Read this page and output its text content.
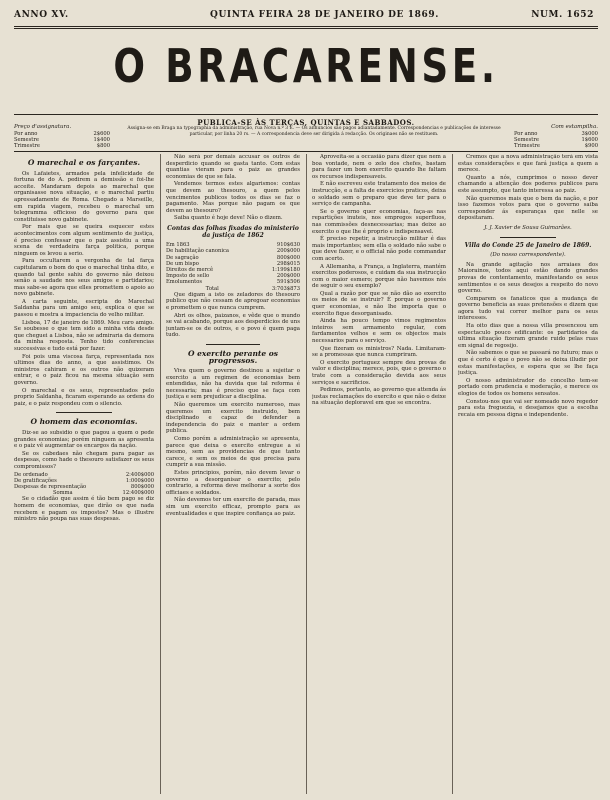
ANNO XV.	QUINTA FEIRA 28 DE JANEIRO DE 1869.	NUM. 1652
O BRACARENSE.
PUBLICA-SE ÀS TERÇAS, QUINTAS E SABBADOS.
Preço d'assignatura.
Por anno	2$600
Semestre	1$400
Trimestre	$800
Assigna-se em Braga na typographia da administração, rua Nova n.º 3 E. — Os annuncios são pagos adiantadamente. Correspondencias e publicações de interesse particular, por linha 20 rs. — A correspondencia deve ser dirigida á redacção. Os originaes não se restituem.
Com estampilha.
Por anno	3$000
Semestre	1$600
Trimestre	$900
O marechal e os farçantes.

Os Lafaietes, armados pela infelicidade de fortuna de do A. pedirem a demissão e foi-lhe acceite. Mandaram depois ao marechal que organisasse nova situação, e o marechal partiu apressadamente de Roma. Chegado a Marseille, em rapida viagem, recebeu o marechal um telegramma officioso do governo para que constituisse novo gabinete.

Por mais que se queira esquecer estes acontecimentos com algum sentimento de justiça, é preciso confessar que o paiz assistiu a uma scena de verdadeira farça politica, porque ninguem os levou a serio.

Para occultarem a vergonha de tal farça capitularam o bom do que o marechal tinha dito, e quando tal gente sahiu do governo não deixou senão a saudade nos seus amigos e partidarios; mas sabe-se agora que elles promettem o apoio ao novo gabinete.

A carta seguinte, escripta do Marechal Saldanha para um amigo seu, explica o que se passou e mostra a impaciencia do velho militar.

Lisboa, 17 de janeiro de 1869. Meu caro amigo. Se soubesse o que tem sido a minha vida desde que cheguei a Lisboa, não se admiraria da demora da minha resposta. Tenho tido conferencias successivas e tudo está por fazer.

Foi pois uma viscosa farça, representada nos ultimos dias do anno, a que assistimos. Os ministros cahiram e os outros não quizeram entrar, e o paiz ficou na mesma situação sem governo.

O marechal e os seus, representados pelo proprio Saldanha, ficaram esperando as ordens do paiz, e o paiz respondeu com o silencio.

O homem das economias.

Diz-se ao subsidio o que pagou a quem o pede grandes economias; porém ninguem as apresenta e o paiz vê augmentar os encargos da nação.

Se os cabedaes não chegam para pagar as despesas, como hade o thesouro satisfazer os seus compromissos?

De ordenado	2:400$000
De gratificações	1:000$000
Despesas de representação	800$000
Somma	12:400$000

Se o cidadão que assim é tão bem pago se diz homem de economias, que dirão os que nada recebem e pagam os impostos? Mas o illustre ministro não poupa nas suas despesas.

Não será por demais accusar os outros de desperdicio quando se gasta tanto. Com estas quantias vieram para o paiz as grandes economias de que se fala.

Vendemos termos estes algarismos: contas que devem ao thesouro, a quem pelos vencimentos publicos todos os dias se faz o pagamento. Mas porque não pagam os que devem ao thesouro?

Saiba quanto é hoje deve! Não o dizem.

Contas das folhas fixadas do ministerio da justiça de 1862
Em 1863	910$630
De habilitação canonica	200$000
De sagração	800$000
De um bispo	298$015
Direitos de mercê	1:199$180
Imposto de sello	200$000
Emolumentos	591$506
Total	3:703$873

Que digam a isto os zeladores do thesouro publico que não cessam de apregoar economias e promettem o que nunca cumprem.

Abri os olhos, paizanos, e vêde que o mundo se vai acabando, porque aos desperdicios de uns juntam-se os de outros, e o povo é quem paga tudo.

O exercito perante os progressos.

Viva quem o governo destinou a sujeitar o exercito a um regimen de economias bem entendidas, não ha duvida que tal reforma é necessaria; mas é preciso que se faça com justiça e sem prejudicar a disciplina.

Não queremos um exercito numeroso, mas queremos um exercito instruido, bem disciplinado e capaz de defender a independencia do paiz e manter a ordem publica.

Como porém a administração se apresenta, parece que deixa o exercito entregue a si mesmo, sem as providencias de que tanto carece, e sem os meios de que precisa para cumprir a sua missão.

Estes principios, porém, não devem levar o governo a desorganisar o exercito; pelo contrario, a reforma deve melhorar a sorte dos officiaes e soldados.

Não devemos ter um exercito de parada, mas sim um exercito efficaz, prompto para as eventualidades e que inspire confiança ao paiz.

Aproveita-se a occasião para dizer que nem a boa vontade, nem o zelo dos chefes, bastam para fazer um bom exercito quando lhe faltam os recursos indispensaveis.

E não escreveu este tratamento dos meios de instrucção, e a falta de exercicios praticos, deixa o soldado sem o preparo que deve ter para o serviço de campanha.

Se o governo quer economias, faça-as nas repartições inuteis, nos empregos superfluos, nas commissões desnecessarias; mas deixe ao exercito o que lhe é proprio e indispensavel.

É preciso repetir, a instrucção militar é das mais importantes; sem ella o soldado não sabe o que deve fazer, e o official não pode commandar com acerto.

A Allemanha, a França, a Inglaterra, mantém exercitos poderosos, e cuidam da sua instrucção com o maior esmero; porque não havemos nós de seguir o seu exemplo?

Qual a razão por que se não dão ao exercito os meios de se instruir? É porque o governo quer economias, e não lhe importa que o exercito fique desorganisado.

Ainda ha pouco tempo vimos regimentos inteiros sem armamento regular, com fardamentos velhos e sem os objectos mais necessarios para o serviço.

Que fizeram os ministros? Nada. Limitaram-se a promessas que nunca cumpriram.

O exercito portuguez sempre deu provas de valor e disciplina; merece, pois, que o governo o trate com a consideração devida aos seus serviços e sacrificios.

Pedimos, portanto, ao governo que attenda ás justas reclamações do exercito e que não o deixe na situação deploravel em que se encontra.

Cremos que a nova administração terá em vista estas considerações e que fará justiça a quem a merece.

Quanto a nós, cumprimos o nosso dever chamando a attenção dos poderes publicos para este assumpto, que tanto interessa ao paiz.

Não queremos mais que o bem da nação, e por isso fazemos votos para que o governo saiba corresponder ás esperanças que nelle se depositaram.

J. J. Xavier de Sousa Guimarães.
Villa do Conde 25 de Janeiro de 1869.
(Do nosso correspondente).

Na grande agitação nos arraiaes dos Maiorainos, todos aqui estão dando grandes provas de contentamento, manifestando os seus sentimentos e os seus desejos a respeito do novo governo.

Comparem os fanaticos que a mudança de governo beneficia as suas pretensões e dizem que agora tudo vai correr melhor para os seus interesses.

Ha oito dias que a nossa villa presenceou um espectaculo pouco edificante: os partidarios da ultima situação fizeram grande ruido pelas ruas em signal de regosijo.

Não sabemos o que se passará no futuro; mas o que é certo é que o povo não se deixa illudir por estas manifestações, e espera que se lhe faça justiça.

O nosso administrador do concelho tem-se portado com prudencia e moderação, e merece os elogios de todos os homens sensatos.

Constou-nos que vai ser nomeado novo regedor para esta freguezia, e desejamos que a escolha recaia em pessoa digna e independente.
